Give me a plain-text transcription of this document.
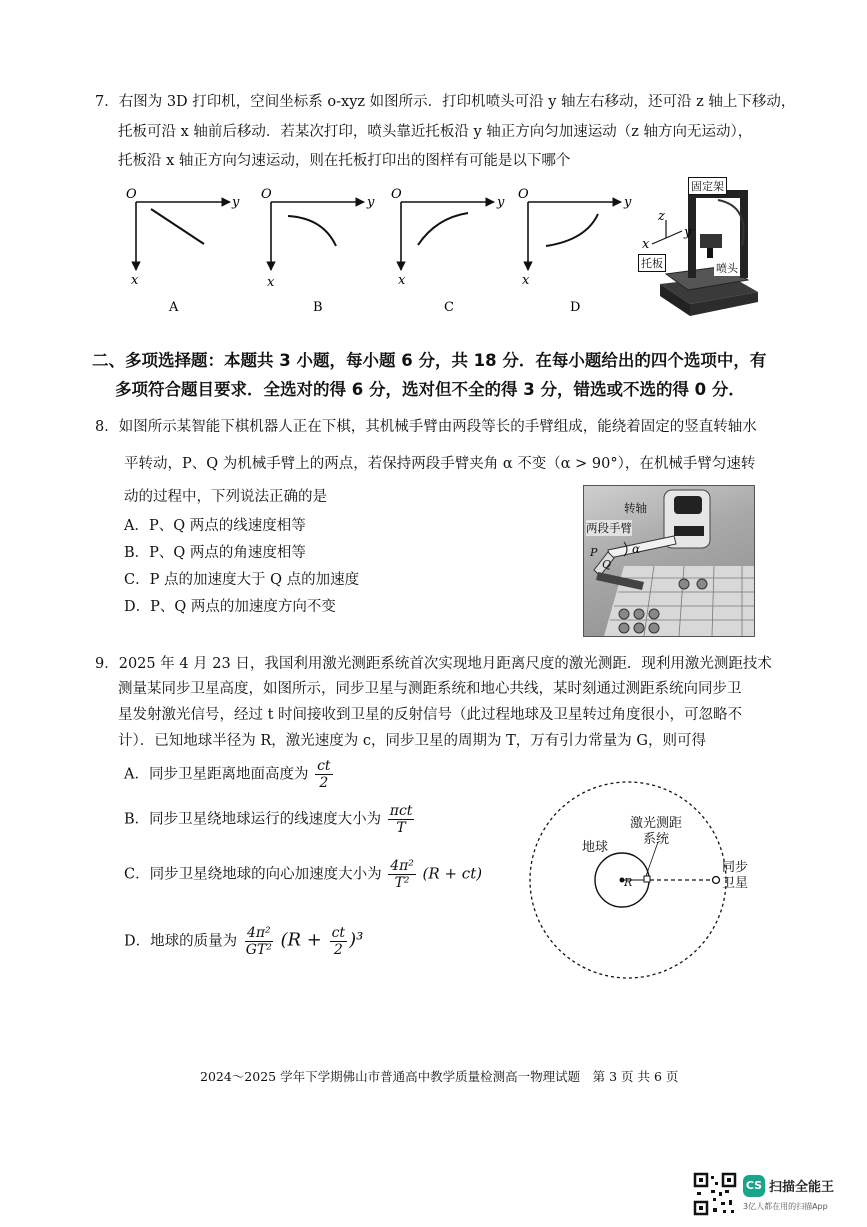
7．右图为 3D 打印机，空间坐标系 o-xyz 如图所示．打印机喷头可沿 y 轴左右移动，还可沿 z 轴上下移动，
托板可沿 x 轴前后移动．若某次打印，喷头靠近托板沿 y 轴正方向匀加速运动（z 轴方向无运动），
托板沿 x 轴正方向匀速运动，则在托板打印出的图样有可能是以下哪个
O
y
x
A
O
y
x
B
O
y
x
C
O
y
x
D
z
y
x
固定架
托板	喷头
二、多项选择题：本题共 3 小题，每小题 6 分，共 18 分．在每小题给出的四个选项中，有
多项符合题目要求．全选对的得 6 分，选对但不全的得 3 分，错选或不选的得 0 分．
8．如图所示某智能下棋机器人正在下棋，其机械手臂由两段等长的手臂组成，能绕着固定的竖直转轴水
平转动，P、Q 为机械手臂上的两点，若保持两段手臂夹角 α 不变（α > 90°），在机械手臂匀速转
动的过程中，下列说法正确的是
A．P、Q 两点的线速度相等
B．P、Q 两点的角速度相等
C．P 点的加速度大于 Q 点的加速度
D．P、Q 两点的加速度方向不变
转轴
两段手臂
α
P
Q
9．2025 年 4 月 23 日，我国利用激光测距系统首次实现地月距离尺度的激光测距．现利用激光测距技术
测量某同步卫星高度，如图所示，同步卫星与测距系统和地心共线，某时刻通过测距系统向同步卫
星发射激光信号，经过 t 时间接收到卫星的反射信号（此过程地球及卫星转过角度很小，可忽略不
计）．已知地球半径为 R，激光速度为 c，同步卫星的周期为 T，万有引力常量为 G，则可得
A．同步卫星距离地面高度为 $\frac{ct}{2}$
B．同步卫星绕地球运行的线速度大小为 $\frac{\text{πct}}{T}$
C．同步卫星绕地球的向心加速度大小为 $\frac{\text{4π²}}{\text{T²}} (R + ct)$
D．地球的质量为 $\frac{\text{4π²}}{\text{GT²}} (R + \frac{ct}{2} )^3$
地球
R
激光测距
系统
同步
卫星
2024～2025 学年下学期佛山市普通高中教学质量检测高一物理试题　第 3 页 共 6 页
CS 扫描全能王
3亿人都在用的扫描App
